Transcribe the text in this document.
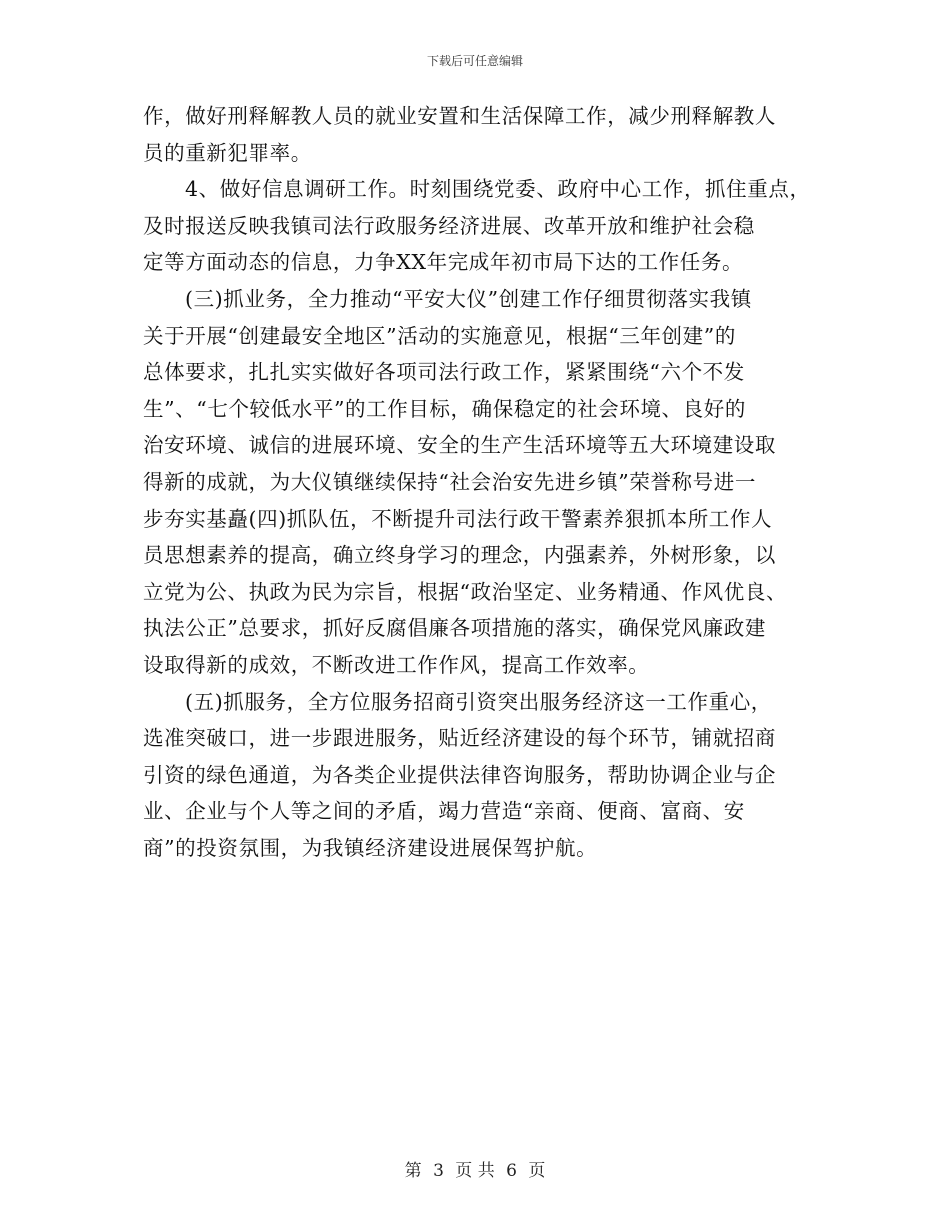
下载后可任意编辑
作，做好刑释解教人员的就业安置和生活保障工作，减少刑释解教人
员的重新犯罪率。
4、做好信息调研工作。时刻围绕党委、政府中心工作，抓住重点，
及时报送反映我镇司法行政服务经济进展、改革开放和维护社会稳
定等方面动态的信息，力争XX年完成年初市局下达的工作任务。
(三)抓业务，全力推动“平安大仪”创建工作仔细贯彻落实我镇
关于开展“创建最安全地区”活动的实施意见，根据“三年创建”的
总体要求，扎扎实实做好各项司法行政工作，紧紧围绕“六个不发
生”、“七个较低水平”的工作目标，确保稳定的社会环境、良好的
治安环境、诚信的进展环境、安全的生产生活环境等五大环境建设取
得新的成就，为大仪镇继续保持“社会治安先进乡镇”荣誉称号进一
步夯实基矗(四)抓队伍，不断提升司法行政干警素养狠抓本所工作人
员思想素养的提高，确立终身学习的理念，内强素养，外树形象，以
立党为公、执政为民为宗旨，根据“政治坚定、业务精通、作风优良、
执法公正”总要求，抓好反腐倡廉各项措施的落实，确保党风廉政建
设取得新的成效，不断改进工作作风，提高工作效率。
(五)抓服务，全方位服务招商引资突出服务经济这一工作重心，
选准突破口，进一步跟进服务，贴近经济建设的每个环节，铺就招商
引资的绿色通道，为各类企业提供法律咨询服务，帮助协调企业与企
业、企业与个人等之间的矛盾，竭力营造“亲商、便商、富商、安
商”的投资氛围，为我镇经济建设进展保驾护航。
第 3 页 共 6 页
